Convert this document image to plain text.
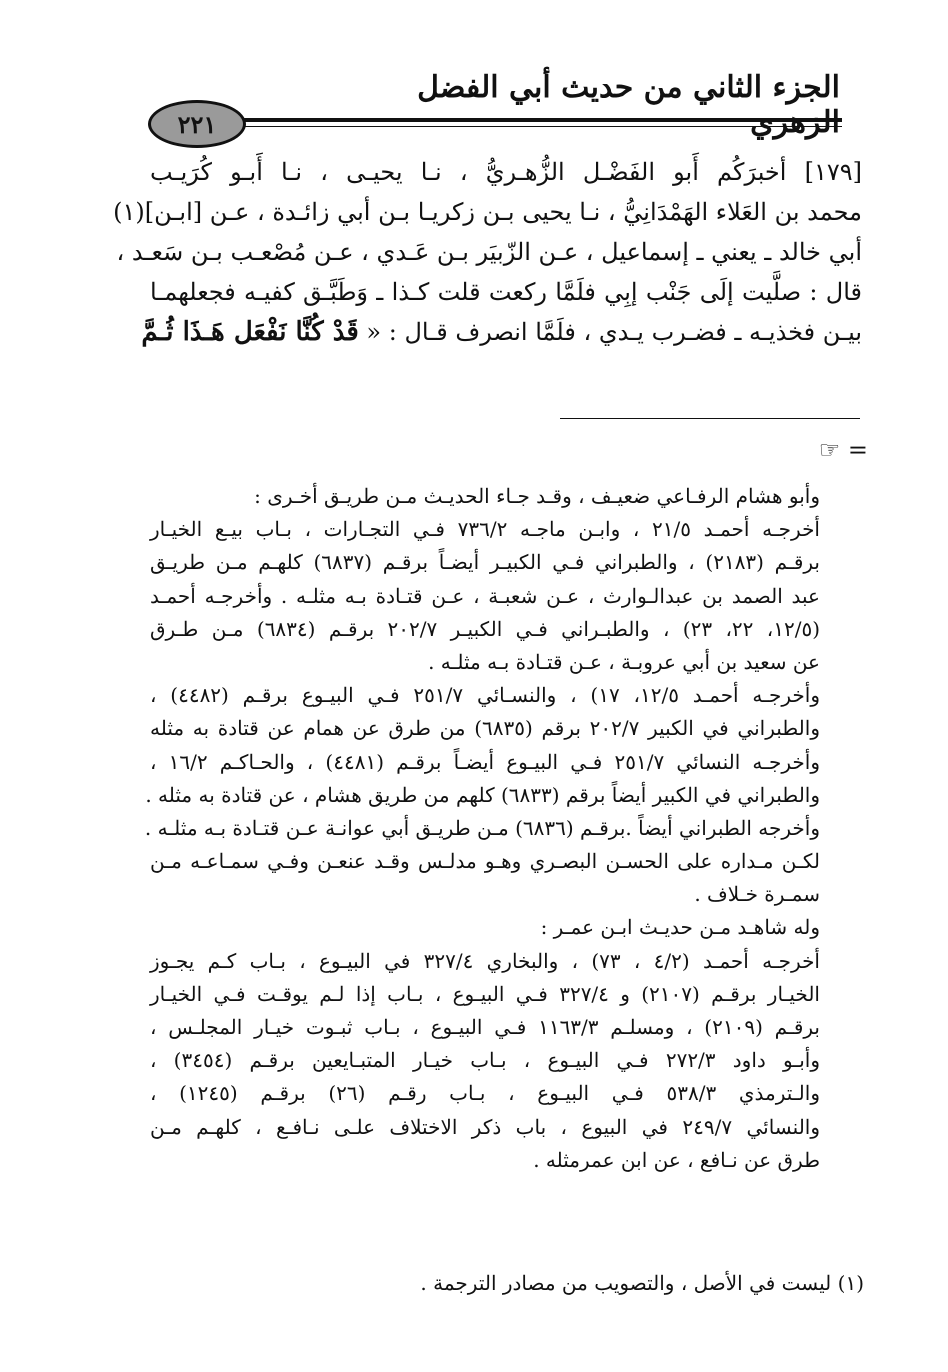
الجزء الثاني من حديث أبي الفضل الزهري
٢٢١
[١٧٩] أخبرَكُم أَبو الفَضْـل الزُّهـريُّ ، نـا يحيـى ، نـا أَبـو كُرَيـب
محمد بن العَلاء الهَمْدَانِيُّ ، نـا يحيى بـن زكريـا بـن أبي زائـدة ، عـن [ابـن](١)
أبي خالد ـ يعني ـ إسماعيل ، عـن الزّبيَر بـن عَـدي ، عـن مُصْعـب بـن سَعـد ،
قال : صلَّيت إلَى جَنْب إبِي فلَمَّا ركعت قلت كـذا ـ وَطَبَّـق كفيـه فجعلهمـا
بيـن فخذيـه ـ فضـرب يـدي ، فلَمَّا انصرف قـال : « قَدْ كُنَّا نَفْعَل هَـذَا ثُـمَّ
= ☞
وأبو هشام الرفـاعي ضعيـف ، وقـد جـاء الحديـث مـن طريـق أخـرى :
أخرجـه أحمـد ٢١/٥ ، وابـن ماجـه ٧٣٦/٢ فـي التجـارات ، بـاب بيـع الخيـار
برقـم (٢١٨٣) ، والطبراني فـي الكبيـر أيضـاً برقـم (٦٨٣٧) كلهـم مـن طريـق
عبد الصمد بن عبدالـوارث ، عـن شعبـة ، عـن قتـادة بـه مثلـه . وأخرجـه أحمـد
(١٢/٥، ٢٢، ٢٣) ، والطبـراني فـي الكبيـر ٢٠٢/٧ برقـم (٦٨٣٤) مـن طـرق
عن سعيد بن أبي عروبـة ، عـن قتـادة بـه مثلـه .
وأخرجـه أحمـد ١٢/٥، ١٧) ، والنسـائي ٢٥١/٧ فـي البيـوع برقـم (٤٤٨٢) ،
والطبراني في الكبير ٢٠٢/٧ برقم (٦٨٣٥) من طرق عن همام عن قتادة به مثله
وأخرجـه النسائي ٢٥١/٧ فـي البيـوع أيضـاً برقـم (٤٤٨١) ، والحـاكـم ١٦/٢ ،
والطبراني في الكبير أيضاً برقم (٦٨٣٣) كلهم من طريق هشام ، عن قتادة به مثله .
وأخرجه الطبراني أيضاً .برقـم (٦٨٣٦) مـن طريـق أبي عوانـة عـن قتـادة بـه مثلـه .
لكـن مـداره على الحسـن البصـري وهـو مدلـس وقـد عنعـن وفـي سمـاعـه مـن
سمـرة خـلاف .
وله شاهـد مـن حديـث ابـن عمـر :
أخرجـه أحمـد (٤/٢ ، ٧٣) ، والبخاري ٣٢٧/٤ في البيـوع ، بـاب كـم يجـوز
الخيـار برقـم (٢١٠٧) و ٣٢٧/٤ فـي البيـوع ، بـاب إذا لـم يوقـت فـي الخيـار
برقـم (٢١٠٩) ، ومسلـم ١١٦٣/٣ فـي البيـوع ، بـاب ثبـوت خيـار المجلـس ،
وأبـو داود ٢٧٢/٣ فـي البيـوع ، بـاب خيـار المتبـايعين برقـم (٣٤٥٤) ،
والـترمذي ٥٣٨/٣ فـي البيـوع ، بـاب رقـم (٢٦) برقـم (١٢٤٥) ،
والنسائي ٢٤٩/٧ في البيوع ، باب ذكر الاختلاف علـى نـافـع ، كلهـم مـن
طرق عن نـافع ، عن ابن عمرمثله .
(١) ليست في الأصل ، والتصويب من مصادر الترجمة .
